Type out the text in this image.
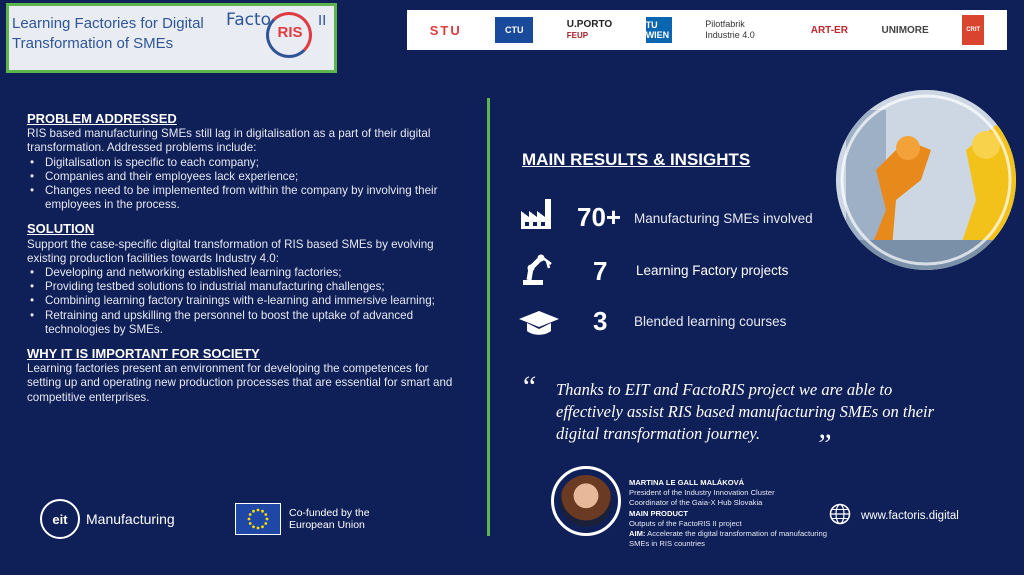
Learning Factories for Digital Transformation of SMEs
Facto
RIS
II
STU	CTU	U.PORTO
FEUP
TU WIEN
Pilotfabrik Industrie 4.0	ART-ER	UNIMORE	CRIT
PROBLEM ADDRESSED
RIS based manufacturing SMEs still lag in digitalisation as a part of their digital transformation. Addressed problems include:
• Digitalisation is specific to each company;
• Companies and their employees lack experience;
• Changes need to be implemented from within the company by involving their employees in the process.
SOLUTION
Support the case-specific digital transformation of RIS based SMEs by evolving existing production facilities towards Industry 4.0:
• Developing and networking established learning factories;
• Providing testbed solutions to industrial manufacturing challenges;
• Combining learning factory trainings with e-learning and immersive learning;
• Retraining and upskilling the personnel to boost the uptake of advanced technologies by SMEs.
WHY IT IS IMPORTANT FOR SOCIETY
Learning factories present an environment for developing the competences for setting up and operating new production processes that are essential for smart and competitive enterprises.
MAIN RESULTS & INSIGHTS
70+ Manufacturing SMEs involved
7 Learning Factory projects
3 Blended learning courses
“ Thanks to EIT and FactoRIS project we are able to effectively assist RIS based manufacturing SMEs on their digital transformation journey.	”
MARTINA LE GALL MALÁKOVÁ
President of the Industry Innovation Cluster
Coordinator of the Gaia-X Hub Slovakia
MAIN PRODUCT
Outputs of the FactoRIS II project
AIM: Accelerate the digital transformation of manufacturing SMEs in RIS countries
www.factoris.digital
eit	Manufacturing	Co-funded by the
European Union
